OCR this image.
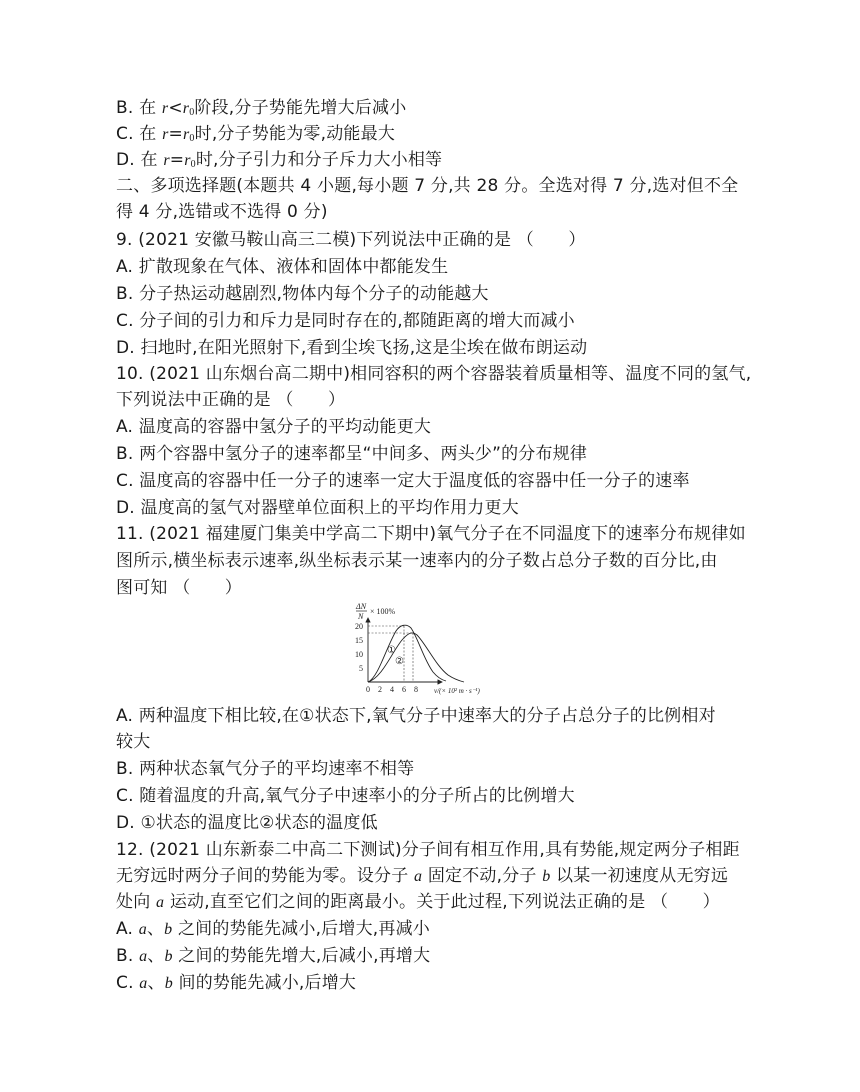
B. 在 $r<r_0$阶段,分子势能先增大后减小
C. 在 $r=r_0$时,分子势能为零,动能最大
D. 在 $r=r_0$时,分子引力和分子斥力大小相等
二、多项选择题(本题共 4 小题,每小题 7 分,共 28 分。全选对得 7 分,选对但不全
得 4 分,选错或不选得 0 分)
9. (2021 安徽马鞍山高三二模)下列说法中正确的是 （　　）
A. 扩散现象在气体、液体和固体中都能发生
B. 分子热运动越剧烈,物体内每个分子的动能越大
C. 分子间的引力和斥力是同时存在的,都随距离的增大而减小
D. 扫地时,在阳光照射下,看到尘埃飞扬,这是尘埃在做布朗运动
10. (2021 山东烟台高二期中)相同容积的两个容器装着质量相等、温度不同的氢气,
下列说法中正确的是 （　　）
A. 温度高的容器中氢分子的平均动能更大
B. 两个容器中氢分子的速率都呈“中间多、两头少”的分布规律
C. 温度高的容器中任一分子的速率一定大于温度低的容器中任一分子的速率
D. 温度高的氢气对器壁单位面积上的平均作用力更大
11. (2021 福建厦门集美中学高二下期中)氧气分子在不同温度下的速率分布规律如
图所示,横坐标表示速率,纵坐标表示某一速率内的分子数占总分子数的百分比,由
图可知 （　　）
ΔN
N
× 100%
5
10
15
20
0 2 4 6 8
①
②
v/(× 10² m · s⁻¹)
A. 两种温度下相比较,在①状态下,氧气分子中速率大的分子占总分子的比例相对
较大
B. 两种状态氧气分子的平均速率不相等
C. 随着温度的升高,氧气分子中速率小的分子所占的比例增大
D. ①状态的温度比②状态的温度低
12. (2021 山东新泰二中高二下测试)分子间有相互作用,具有势能,规定两分子相距
无穷远时两分子间的势能为零。设分子 a 固定不动,分子 b 以某一初速度从无穷远
处向 a 运动,直至它们之间的距离最小。关于此过程,下列说法正确的是 （　　）
A. a、b 之间的势能先减小,后增大,再减小
B. a、b 之间的势能先增大,后减小,再增大
C. a、b 间的势能先减小,后增大
